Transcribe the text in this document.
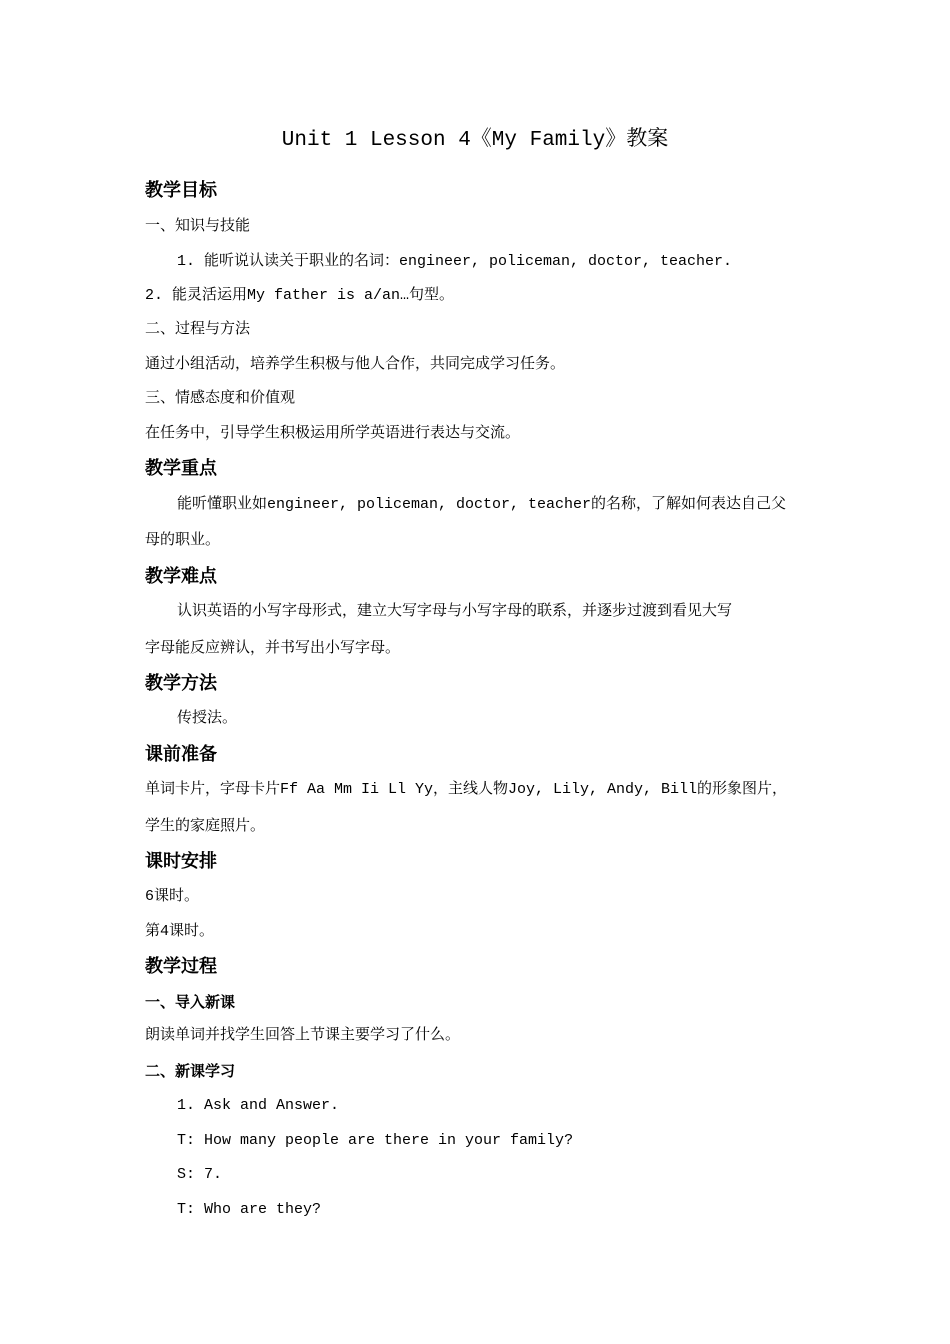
Unit 1 Lesson 4《My Family》教案
教学目标
一、知识与技能
1. 能听说认读关于职业的名词：engineer, policeman, doctor, teacher.
2. 能灵活运用My father is a/an…句型。
二、过程与方法
通过小组活动，培养学生积极与他人合作，共同完成学习任务。
三、情感态度和价值观
在任务中，引导学生积极运用所学英语进行表达与交流。
教学重点
能听懂职业如engineer, policeman, doctor, teacher的名称，了解如何表达自己父
母的职业。
教学难点
认识英语的小写字母形式，建立大写字母与小写字母的联系，并逐步过渡到看见大写
字母能反应辨认，并书写出小写字母。
教学方法
传授法。
课前准备
单词卡片，字母卡片Ff Aa Mm Ii Ll Yy，主线人物Joy, Lily, Andy, Bill的形象图片，
学生的家庭照片。
课时安排
6课时。
第4课时。
教学过程
一、导入新课
朗读单词并找学生回答上节课主要学习了什么。
二、新课学习
1. Ask and Answer.
T: How many people are there in your family?
S: 7.
T: Who are they?
